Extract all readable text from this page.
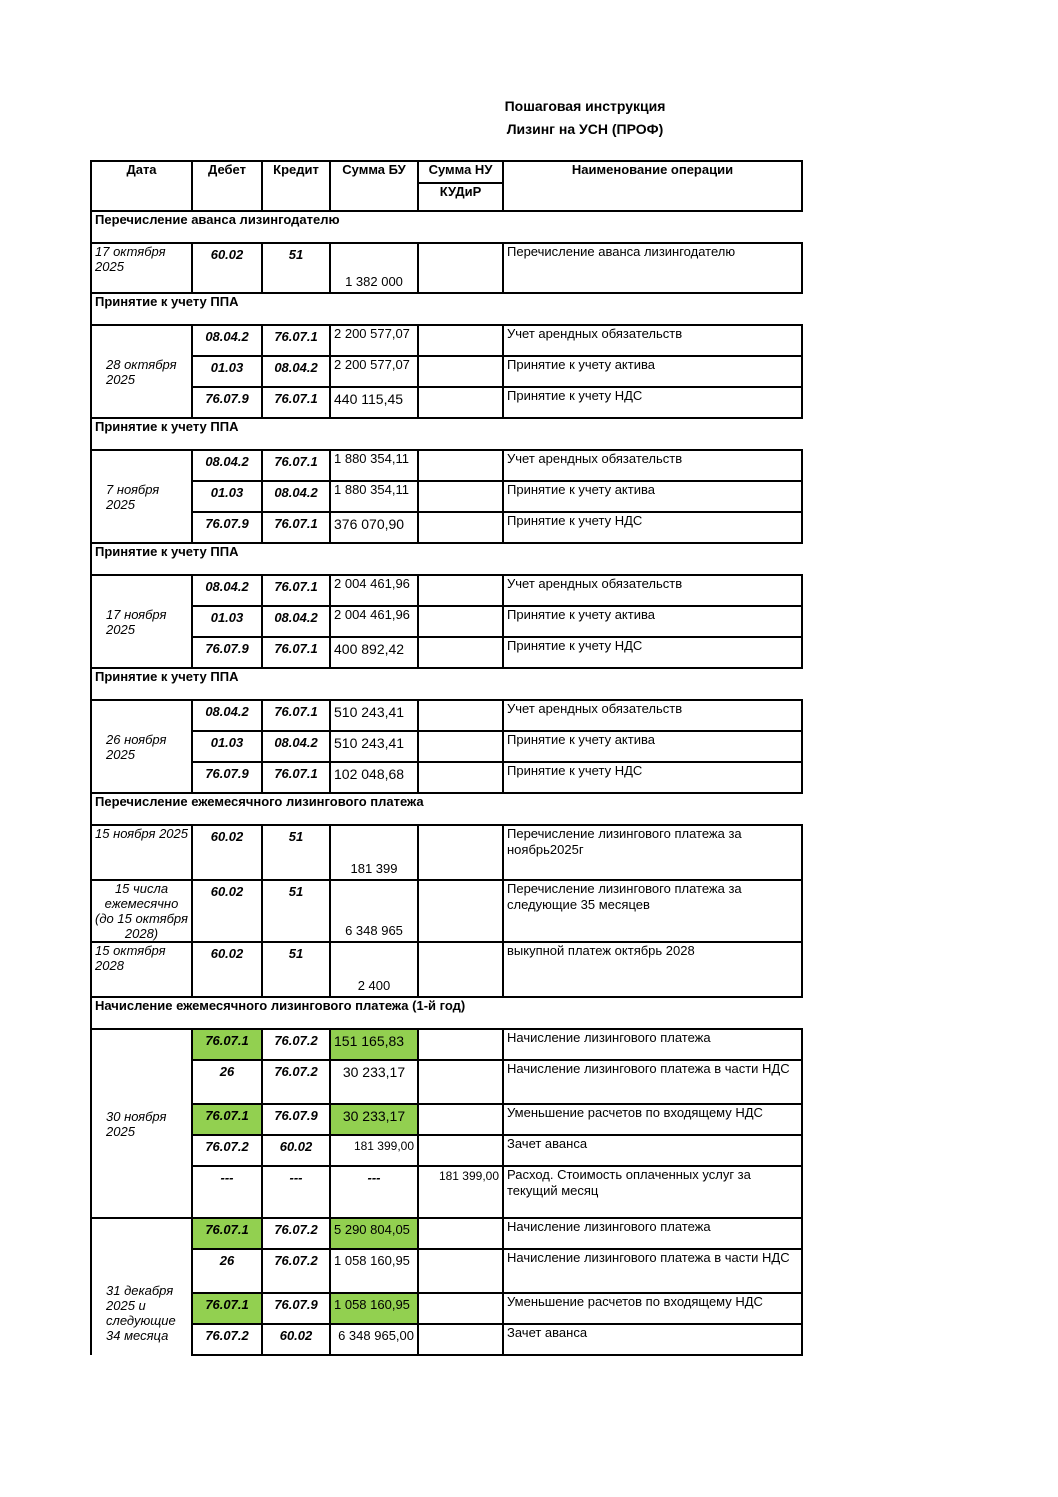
Пошаговая инструкция
Лизинг на УСН (ПРОФ)
Дата	Дебет	Кредит	Сумма БУ	Сумма НУ	Наименование операции
				КУДиР	
Перечисление аванса лизингодателю					
17 октября 2025	60.02	51	1 382 000		Перечисление аванса лизингодателю
Принятие к учету ППА					
28 октября 2025	08.04.2	76.07.1	2 200 577,07		Учет арендных обязательств
	01.03	08.04.2	2 200 577,07		Принятие к учету актива
	76.07.9	76.07.1	440 115,45		Принятие к учету НДС
Принятие к учету ППА					
7 ноября 2025	08.04.2	76.07.1	1 880 354,11		Учет арендных обязательств
	01.03	08.04.2	1 880 354,11		Принятие к учету актива
	76.07.9	76.07.1	376 070,90		Принятие к учету НДС
Принятие к учету ППА					
17 ноября 2025	08.04.2	76.07.1	2 004 461,96		Учет арендных обязательств
	01.03	08.04.2	2 004 461,96		Принятие к учету актива
	76.07.9	76.07.1	400 892,42		Принятие к учету НДС
Принятие к учету ППА					
26 ноября 2025	08.04.2	76.07.1	510 243,41		Учет арендных обязательств
	01.03	08.04.2	510 243,41		Принятие к учету актива
	76.07.9	76.07.1	102 048,68		Принятие к учету НДС
Перечисление ежемесячного лизингового платежа					
15 ноября 2025	60.02	51	181 399		Перечисление лизингового платежа за ноябрь2025г
15 числа ежемесячно (до 15 октября 2028)	60.02	51	6 348 965		Перечисление лизингового платежа за следующие 35 месяцев
15 октября 2028	60.02	51	2 400		выкупной платеж октябрь 2028
Начисление ежемесячного лизингового платежа (1-й год)					
30 ноября 2025	76.07.1	76.07.2	151 165,83		Начисление лизингового платежа
	26	76.07.2	30 233,17		Начисление лизингового платежа в части НДС
	76.07.1	76.07.9	30 233,17		Уменьшение расчетов по входящему НДС
	76.07.2	60.02	181 399,00		Зачет аванса
	---	---	---	181 399,00	Расход. Стоимость оплаченных услуг за текущий месяц
31 декабря 2025 и следующие 34 месяца	76.07.1	76.07.2	5 290 804,05		Начисление лизингового платежа
	26	76.07.2	1 058 160,95		Начисление лизингового платежа в части НДС
	76.07.1	76.07.9	1 058 160,95		Уменьшение расчетов по входящему НДС
	76.07.2	60.02	6 348 965,00		Зачет аванса
